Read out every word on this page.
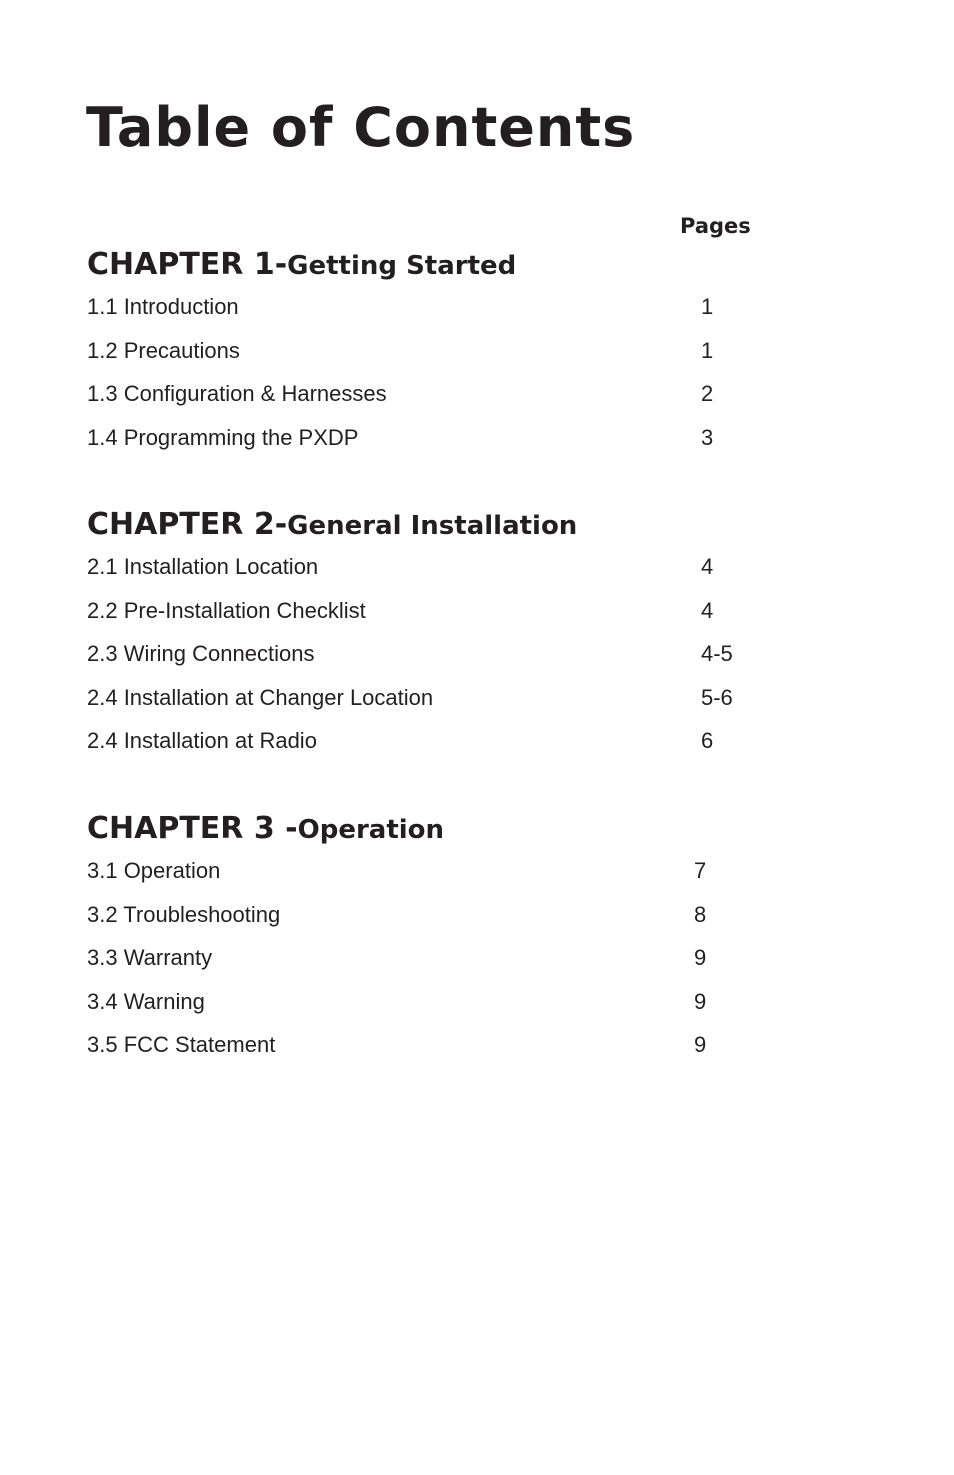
Table of Contents
Pages
CHAPTER 1-Getting Started
1.1 Introduction	1
1.2 Precautions	1
1.3 Configuration & Harnesses	2
1.4 Programming the PXDP	3
CHAPTER 2-General Installation
2.1 Installation Location	4
2.2 Pre-Installation Checklist	4
2.3 Wiring Connections	4-5
2.4 Installation at Changer Location	5-6
2.4 Installation at Radio	6
CHAPTER 3 -Operation
3.1 Operation	7
3.2 Troubleshooting	8
3.3 Warranty	9
3.4 Warning	9
3.5 FCC Statement	9
